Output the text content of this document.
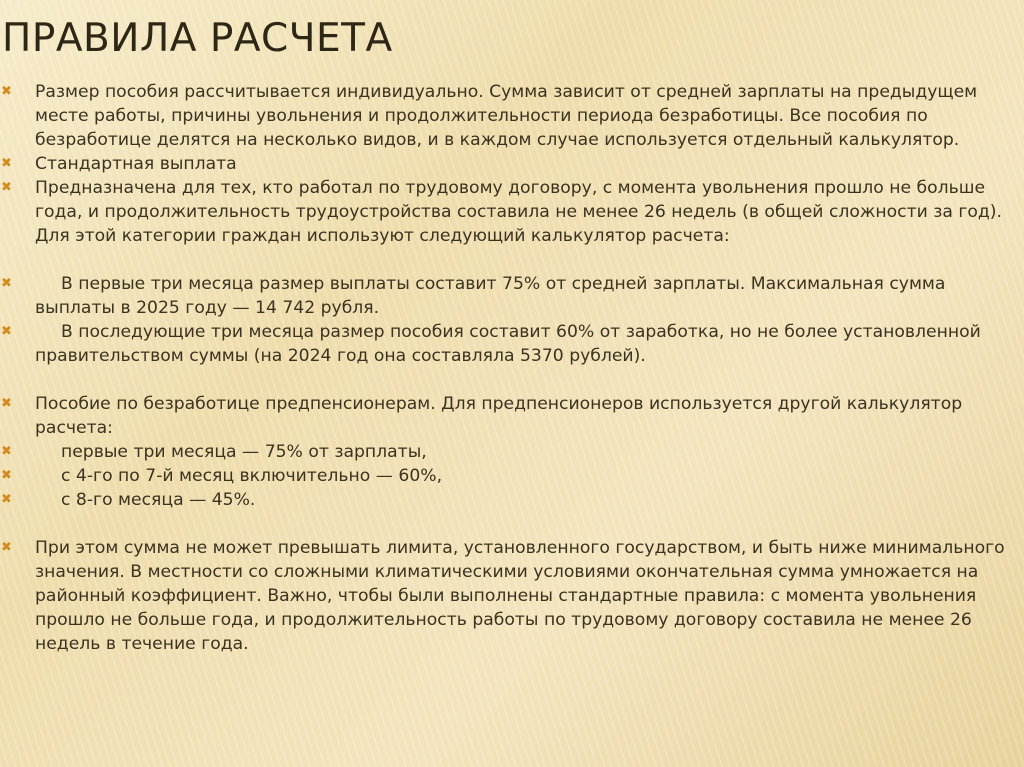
ПРАВИЛА РАСЧЕТА
✖ Размер пособия рассчитывается индивидуально. Сумма зависит от средней зарплаты на предыдущем месте работы, причины увольнения и продолжительности периода безработицы. Все пособия по безработице делятся на несколько видов, и в каждом случае используется отдельный калькулятор.
✖ Стандартная выплата
✖ Предназначена для тех, кто работал по трудовому договору, с момента увольнения прошло не больше года, и продолжительность трудоустройства составила не менее 26 недель (в общей сложности за год). Для этой категории граждан используют следующий калькулятор расчета:
✖	В первые три месяца размер выплаты составит 75% от средней зарплаты. Максимальная сумма выплаты в 2025 году — 14 742 рубля.
✖	В последующие три месяца размер пособия составит 60% от заработка, но не более установленной правительством суммы (на 2024 год она составляла 5370 рублей).
✖ Пособие по безработице предпенсионерам. Для предпенсионеров используется другой калькулятор расчета:
✖	первые три месяца — 75% от зарплаты,
✖	с 4-го по 7-й месяц включительно — 60%,
✖	с 8-го месяца — 45%.
✖ При этом сумма не может превышать лимита, установленного государством, и быть ниже минимального значения. В местности со сложными климатическими условиями окончательная сумма умножается на районный коэффициент. Важно, чтобы были выполнены стандартные правила: с момента увольнения прошло не больше года, и продолжительность работы по трудовому договору составила не менее 26 недель в течение года.
